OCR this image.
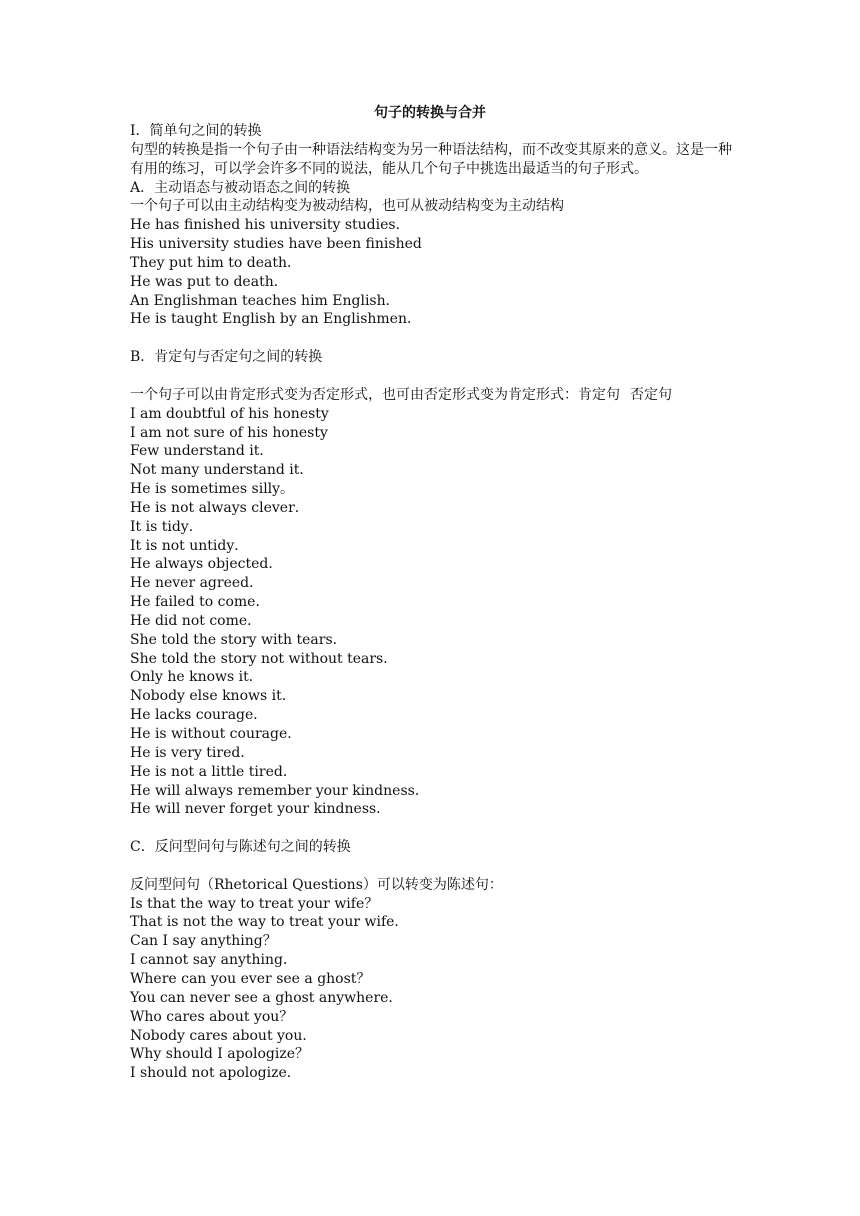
句子的转换与合并
Ⅰ．简单句之间的转换
句型的转换是指一个句子由一种语法结构变为另一种语法结构，而不改变其原来的意义。这是一种有用的练习，可以学会许多不同的说法，能从几个句子中挑选出最适当的句子形式。
A．主动语态与被动语态之间的转换
一个句子可以由主动结构变为被动结构，也可从被动结构变为主动结构
He has finished his university studies．
His university studies have been finished
They put him to death．
He was put to death．
An Englishman teaches him English．
He is taught English by an Englishmen．
B．肯定句与否定句之间的转换
一个句子可以由肯定形式变为否定形式，也可由否定形式变为肯定形式：肯定句 否定句
I am doubtful of his honesty
I am not sure of his honesty
Few understand it．
Not many understand it．
He is sometimes silly。
He is not always clever．
It is tidy．
It is not untidy．
He always objected．
He never agreed．
He failed to come．
He did not come．
She told the story with tears．
She told the story not without tears．
Only he knows it．
Nobody else knows it．
He lacks courage．
He is without courage．
He is very tired．
He is not a little tired．
He will always remember your kindness．
He will never forget your kindness．
C．反问型问句与陈述句之间的转换
反问型问句（Rhetorical Questions）可以转变为陈述句：
Is that the way to treat your wife？
That is not the way to treat your wife．
Can I say anything？
I cannot say anything．
Where can you ever see a ghost？
You can never see a ghost anywhere．
Who cares about you？
Nobody cares about you．
Why should I apologize？
I should not apologize．
